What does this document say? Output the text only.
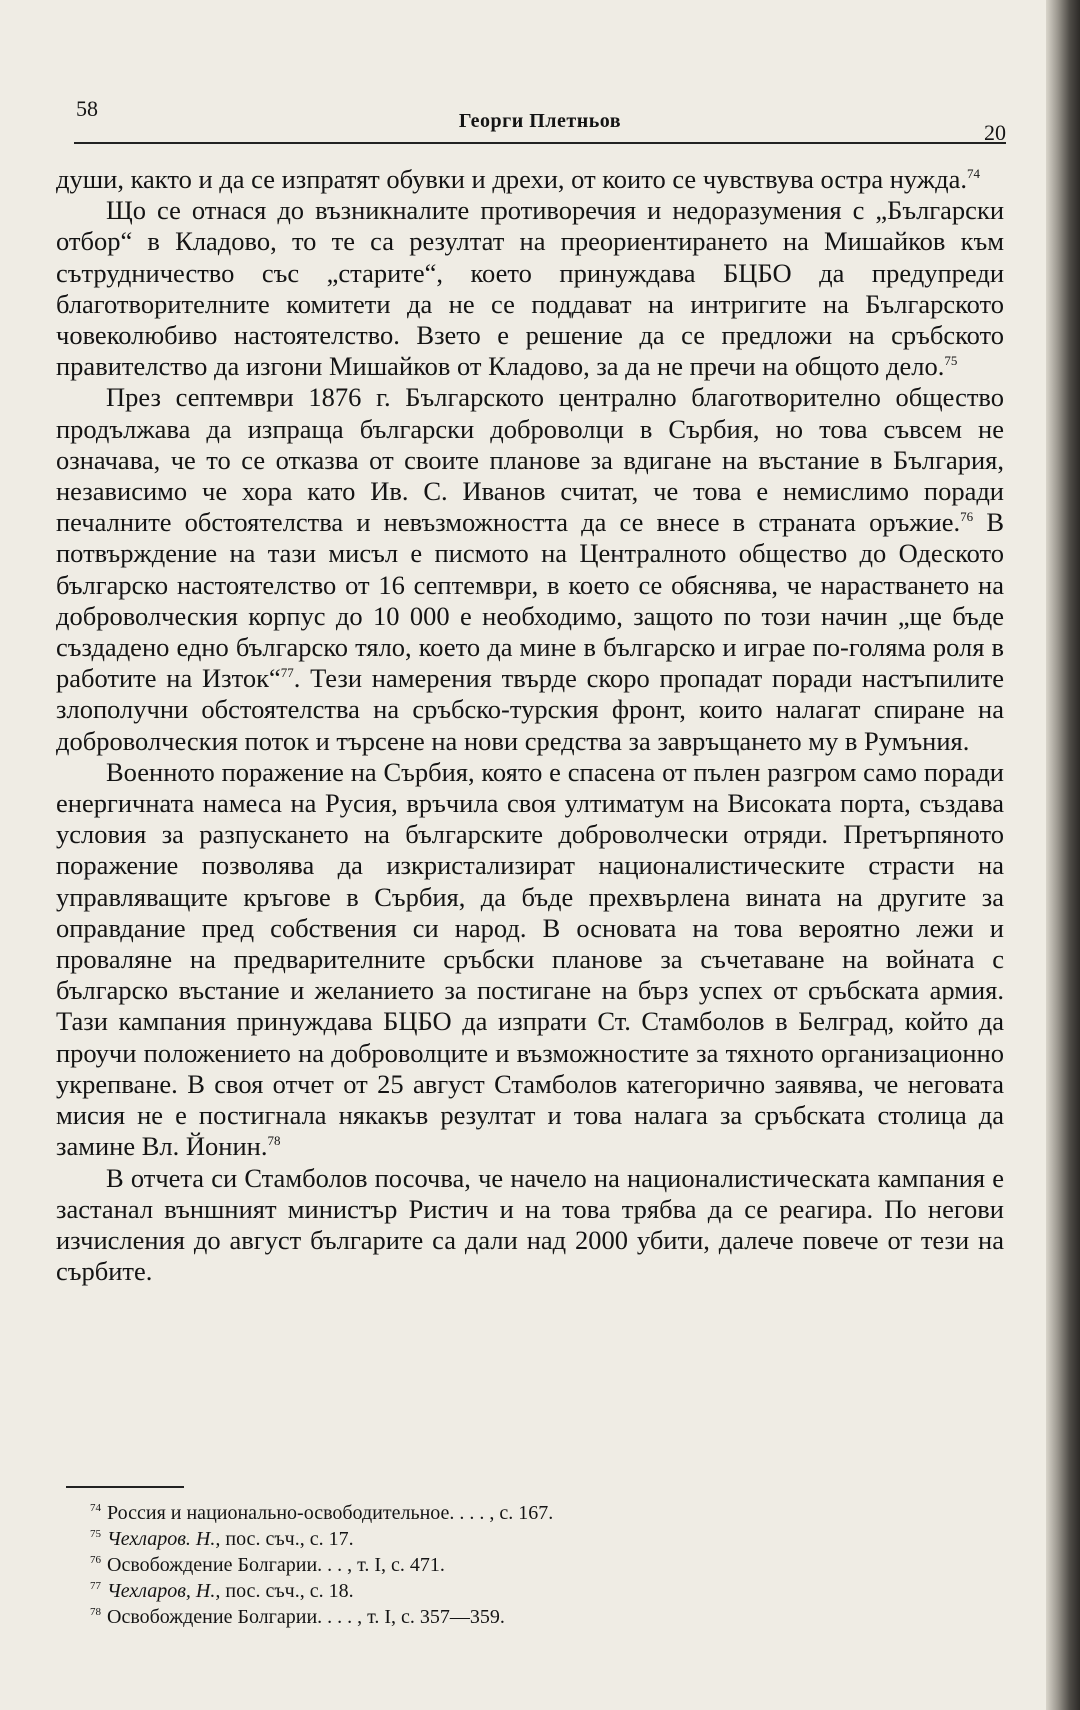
58	Георги Плетньов	20

души, както и да се изпратят обувки и дрехи, от които се чувствува остра нужда.$^{74}$

Що се отнася до възникналите противоречия и недоразумения с „Български отбор“ в Кладово, то те са резултат на преориентирането на Мишайков към сътрудничество със „старите“, което принуждава БЦБО да предупреди благотворителните комитети да не се поддават на интригите на Българското човеколюбиво настоятелство. Взето е решение да се предложи на сръбското правителство да изгони Мишайков от Кладово, за да не пречи на общото дело.$^{75}$

През септември 1876 г. Българското централно благотворително общество продължава да изпраща български доброволци в Сърбия, но това съвсем не означава, че то се отказва от своите планове за вдигане на въстание в България, независимо че хора като Ив. С. Иванов считат, че това е немислимо поради печалните обстоятелства и невъзможността да се внесе в страната оръжие.$^{76}$ В потвърждение на тази мисъл е писмото на Централното общество до Одеското българско настоятелство от 16 септември, в което се обяснява, че нарастването на доброволческия корпус до 10 000 е необходимо, защото по този начин „ще бъде създадено едно българско тяло, което да мине в българско и играе по-голяма роля в работите на Изток“$^{77}$. Тези намерения твърде скоро пропадат поради настъпилите злополучни обстоятелства на сръбско-турския фронт, които налагат спиране на доброволческия поток и търсене на нови средства за завръщането му в Румъния.

Военното поражение на Сърбия, която е спасена от пълен разгром само поради енергичната намеса на Русия, връчила своя ултиматум на Високата порта, създава условия за разпускането на българските доброволчески отряди. Претърпяното поражение позволява да изкристализират националистическите страсти на управляващите кръгове в Сърбия, да бъде прехвърлена вината на другите за оправдание пред собствения си народ. В основата на това вероятно лежи и проваляне на предварителните сръбски планове за съчетаване на войната с българско въстание и желанието за постигане на бърз успех от сръбската армия. Тази кампания принуждава БЦБО да изпрати Ст. Стамболов в Белград, който да проучи положението на доброволците и възможностите за тяхното организационно укрепване. В своя отчет от 25 август Стамболов категорично заявява, че неговата мисия не е постигнала някакъв резултат и това налага за сръбската столица да замине Вл. Йонин.$^{78}$

В отчета си Стамболов посочва, че начело на националистическата кампания е застанал външният министър Ристич и на това трябва да се реагира. По негови изчисления до август българите са дали над 2000 убити, далече повече от тези на сърбите.

$^{74}$ Россия и национально-освободительное. . . . , с. 167.
$^{75}$ Чехларов. Н., пос. съч., с. 17.
$^{76}$ Освобождение Болгарии. . . , т. I, с. 471.
$^{77}$ Чехларов, Н., пос. съч., с. 18.
$^{78}$ Освобождение Болгарии. . . . , т. I, с. 357—359.
